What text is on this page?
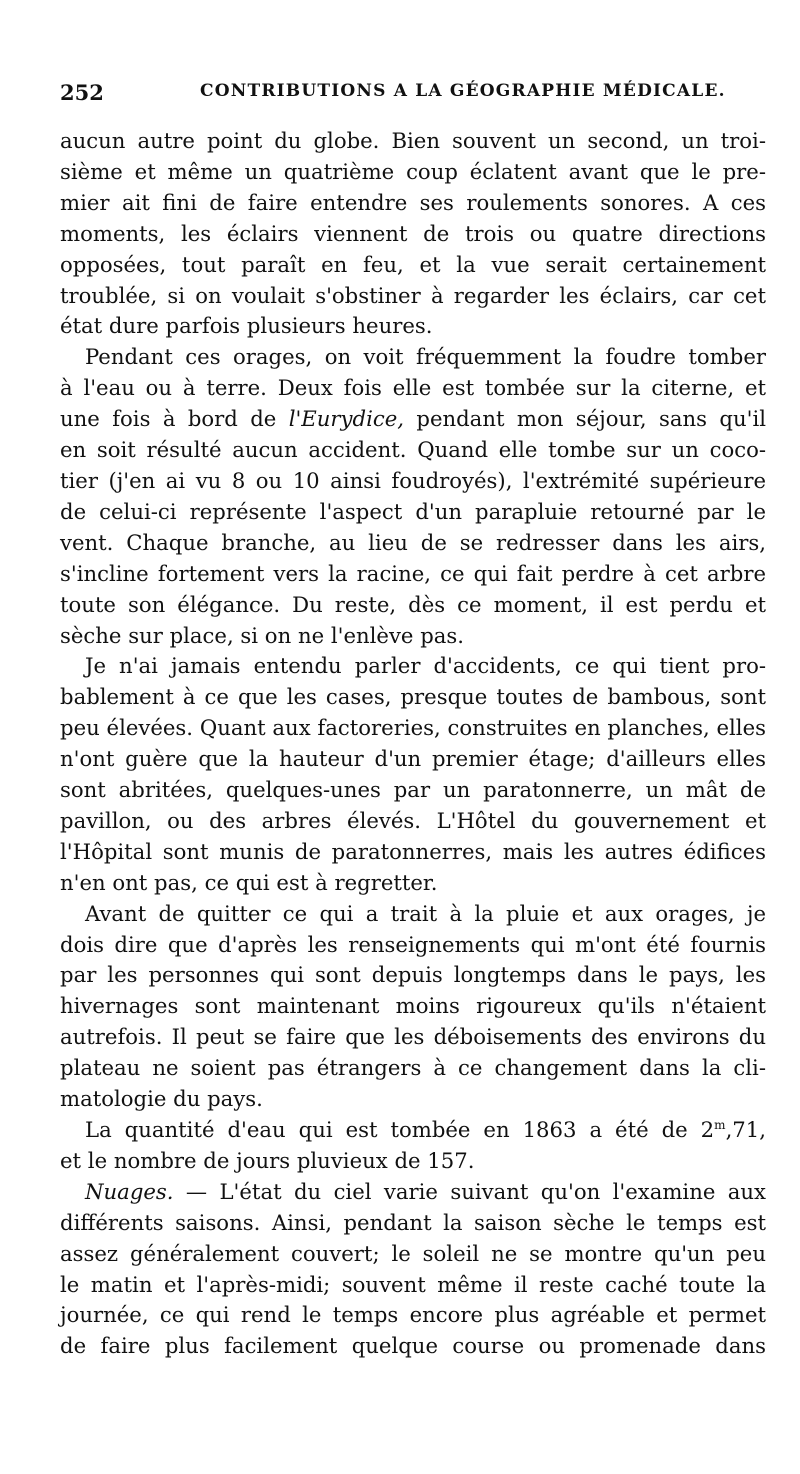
252	CONTRIBUTIONS A LA GÉOGRAPHIE MÉDICALE.
aucun autre point du globe. Bien souvent un second, un troi-
sième et même un quatrième coup éclatent avant que le pre-
mier ait fini de faire entendre ses roulements sonores. A ces
moments, les éclairs viennent de trois ou quatre directions
opposées, tout paraît en feu, et la vue serait certainement
troublée, si on voulait s'obstiner à regarder les éclairs, car cet
état dure parfois plusieurs heures.
Pendant ces orages, on voit fréquemment la foudre tomber
à l'eau ou à terre. Deux fois elle est tombée sur la citerne, et
une fois à bord de l'Eurydice, pendant mon séjour, sans qu'il
en soit résulté aucun accident. Quand elle tombe sur un coco-
tier (j'en ai vu 8 ou 10 ainsi foudroyés), l'extrémité supérieure
de celui-ci représente l'aspect d'un parapluie retourné par le
vent. Chaque branche, au lieu de se redresser dans les airs,
s'incline fortement vers la racine, ce qui fait perdre à cet arbre
toute son élégance. Du reste, dès ce moment, il est perdu et
sèche sur place, si on ne l'enlève pas.
Je n'ai jamais entendu parler d'accidents, ce qui tient pro-
bablement à ce que les cases, presque toutes de bambous, sont
peu élevées. Quant aux factoreries, construites en planches, elles
n'ont guère que la hauteur d'un premier étage; d'ailleurs elles
sont abritées, quelques-unes par un paratonnerre, un mât de
pavillon, ou des arbres élevés. L'Hôtel du gouvernement et
l'Hôpital sont munis de paratonnerres, mais les autres édifices
n'en ont pas, ce qui est à regretter.
Avant de quitter ce qui a trait à la pluie et aux orages, je
dois dire que d'après les renseignements qui m'ont été fournis
par les personnes qui sont depuis longtemps dans le pays, les
hivernages sont maintenant moins rigoureux qu'ils n'étaient
autrefois. Il peut se faire que les déboisements des environs du
plateau ne soient pas étrangers à ce changement dans la cli-
matologie du pays.
La quantité d'eau qui est tombée en 1863 a été de 2$^m$,71,
et le nombre de jours pluvieux de 157.
Nuages. — L'état du ciel varie suivant qu'on l'examine aux
différents saisons. Ainsi, pendant la saison sèche le temps est
assez généralement couvert; le soleil ne se montre qu'un peu
le matin et l'après-midi; souvent même il reste caché toute la
journée, ce qui rend le temps encore plus agréable et permet
de faire plus facilement quelque course ou promenade dans
